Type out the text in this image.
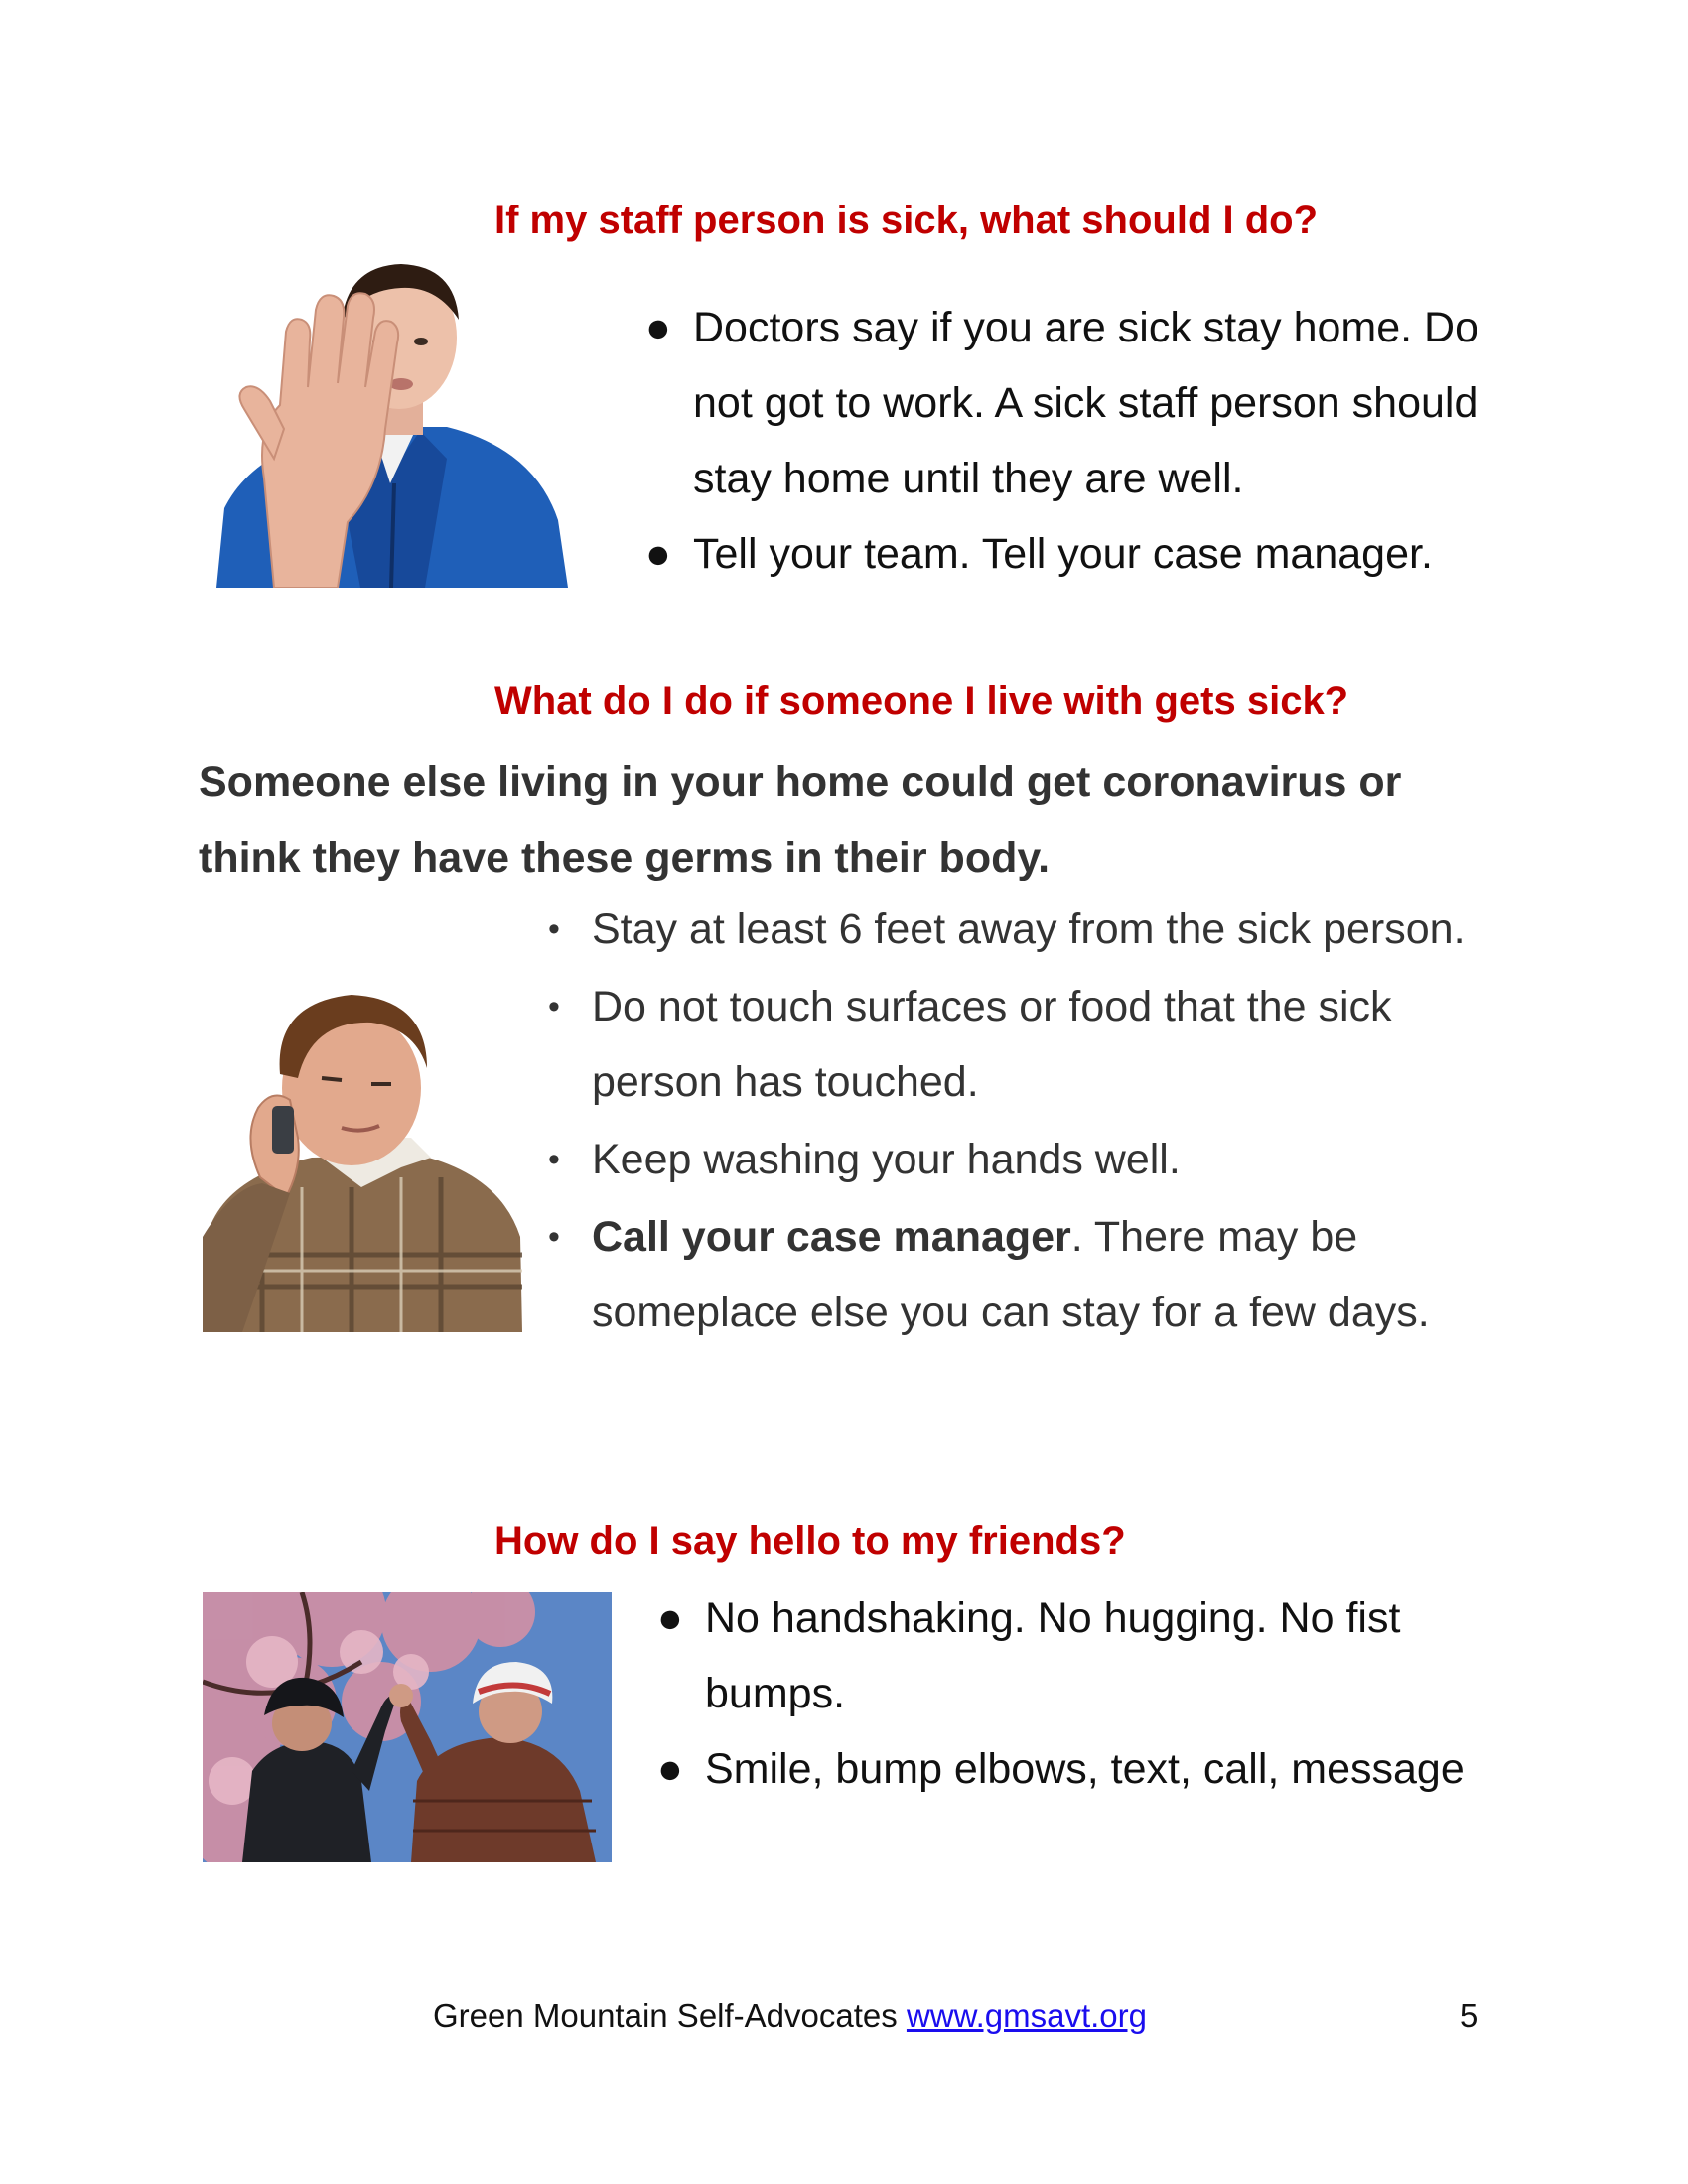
If my staff person is sick, what should I do?
● Doctors say if you are sick stay home. Do not got to work. A sick staff person should stay home until they are well.
● Tell your team. Tell your case manager.
What do I do if someone I live with gets sick?

Someone else living in your home could get coronavirus or think they have these germs in their body.

• Stay at least 6 feet away from the sick person.
• Do not touch surfaces or food that the sick person has touched.
• Keep washing your hands well.
• Call your case manager. There may be someplace else you can stay for a few days.
How do I say hello to my friends?
● No handshaking. No hugging. No fist bumps.
● Smile, bump elbows, text, call, message
Green Mountain Self-Advocates www.gmsavt.org	5
